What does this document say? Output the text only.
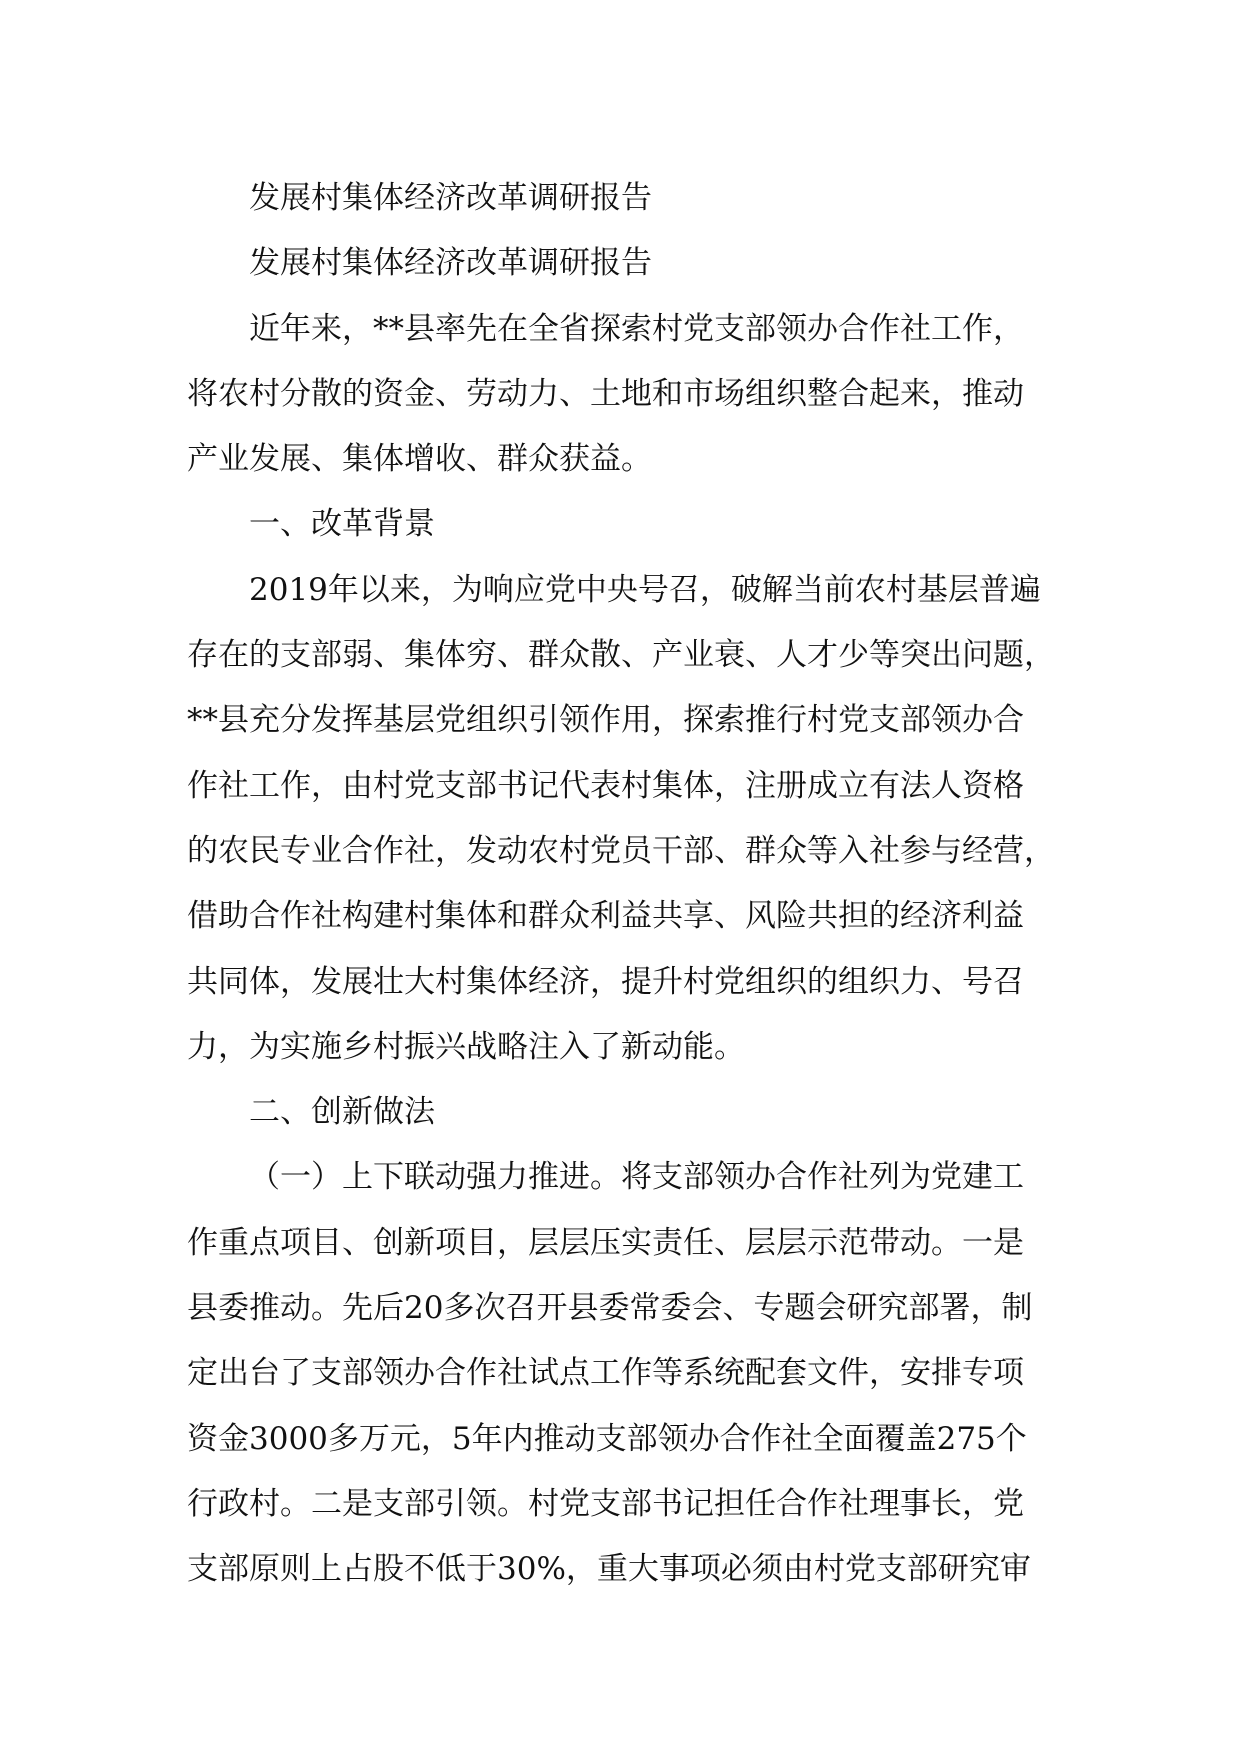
发展村集体经济改革调研报告
发展村集体经济改革调研报告
近年来，**县率先在全省探索村党支部领办合作社工作，
将农村分散的资金、劳动力、土地和市场组织整合起来，推动
产业发展、集体增收、群众获益。
一、改革背景
2019年以来，为响应党中央号召，破解当前农村基层普遍
存在的支部弱、集体穷、群众散、产业衰、人才少等突出问题，
**县充分发挥基层党组织引领作用，探索推行村党支部领办合
作社工作，由村党支部书记代表村集体，注册成立有法人资格
的农民专业合作社，发动农村党员干部、群众等入社参与经营，
借助合作社构建村集体和群众利益共享、风险共担的经济利益
共同体，发展壮大村集体经济，提升村党组织的组织力、号召
力，为实施乡村振兴战略注入了新动能。
二、创新做法
（一）上下联动强力推进。将支部领办合作社列为党建工
作重点项目、创新项目，层层压实责任、层层示范带动。一是
县委推动。先后20多次召开县委常委会、专题会研究部署，制
定出台了支部领办合作社试点工作等系统配套文件，安排专项
资金3000多万元，5年内推动支部领办合作社全面覆盖275个
行政村。二是支部引领。村党支部书记担任合作社理事长，党
支部原则上占股不低于30%，重大事项必须由村党支部研究审
